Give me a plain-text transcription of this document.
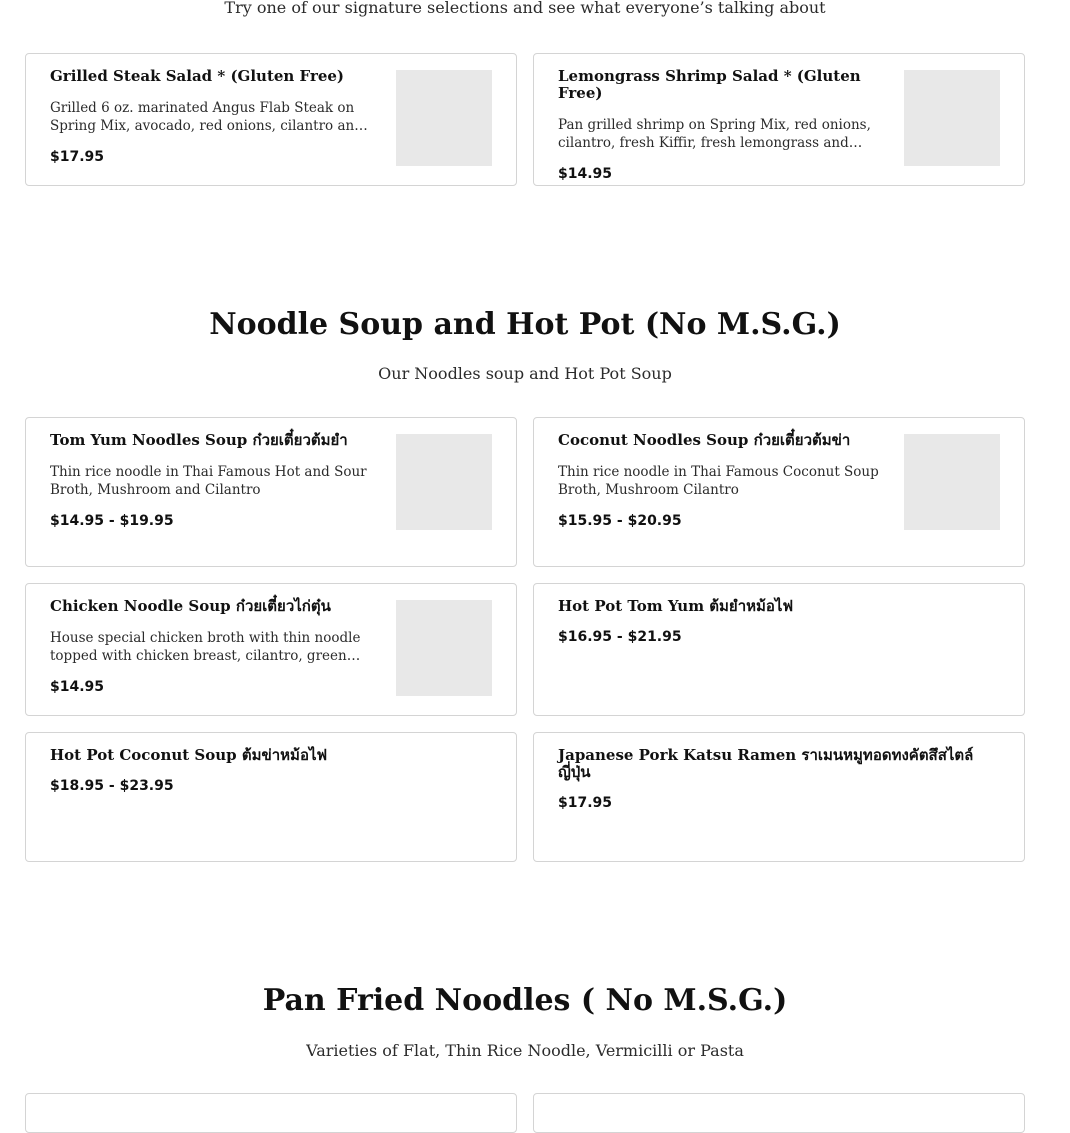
Try one of our signature selections and see what everyone’s talking about
Grilled Steak Salad * (Gluten Free)
Grilled 6 oz. marinated Angus Flab Steak on Spring Mix, avocado, red onions, cilantro and
$17.95
Lemongrass Shrimp Salad * (Gluten Free)
Pan grilled shrimp on Spring Mix, red onions, cilantro, fresh Kiffir, fresh lemongrass and
$14.95
Noodle Soup and Hot Pot (No M.S.G.)
Our Noodles soup and Hot Pot Soup
Tom Yum Noodles Soup ก๋วยเตี๋ยวต้มยำ
Thin rice noodle in Thai Famous Hot and Sour Broth, Mushroom and Cilantro
$14.95 - $19.95
Coconut Noodles Soup ก๋วยเตี๋ยวต้มข่า
Thin rice noodle in Thai Famous Coconut Soup Broth, Mushroom Cilantro
$15.95 - $20.95
Chicken Noodle Soup ก๋วยเตี๋ยวไก่ตุ๋น
House special chicken broth with thin noodle topped with chicken breast, cilantro, green
$14.95
Hot Pot Tom Yum ต้มยำหม้อไฟ
$16.95 - $21.95
Hot Pot Coconut Soup ต้มข่าหม้อไฟ
$18.95 - $23.95
Japanese Pork Katsu Ramen ราเมนหมูทอดทงคัตสึสไตล์ญี่ปุ่น
$17.95
Pan Fried Noodles ( No M.S.G.)
Varieties of Flat, Thin Rice Noodle, Vermicilli or Pasta
